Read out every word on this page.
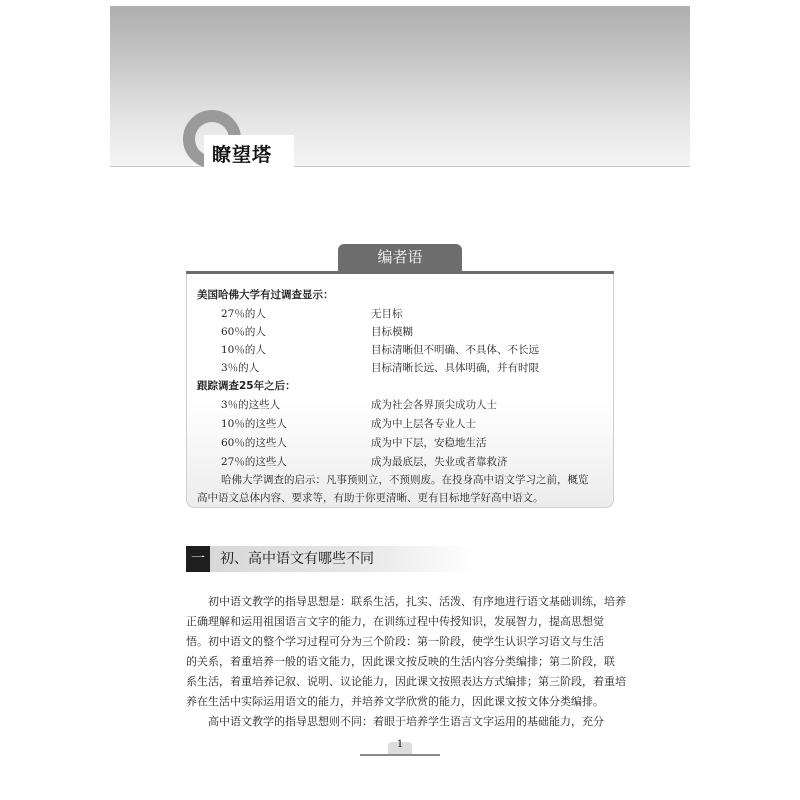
瞭望塔
编者语
美国哈佛大学有过调查显示：
27％的人	无目标
60％的人	目标模糊
10％的人	目标清晰但不明确、不具体、不长远
3％的人	目标清晰长远、具体明确，并有时限
跟踪调查25年之后：
3％的这些人	成为社会各界顶尖成功人士
10％的这些人	成为中上层各专业人士
60％的这些人	成为中下层，安稳地生活
27％的这些人	成为最底层，失业或者靠救济
哈佛大学调查的启示：凡事预则立，不预则废。在投身高中语文学习之前，概览
高中语文总体内容、要求等，有助于你更清晰、更有目标地学好高中语文。
一	初、高中语文有哪些不同
初中语文教学的指导思想是：联系生活，扎实、活泼、有序地进行语文基础训练，培养
正确理解和运用祖国语言文字的能力，在训练过程中传授知识，发展智力，提高思想觉
悟。初中语文的整个学习过程可分为三个阶段：第一阶段，使学生认识学习语文与生活
的关系，着重培养一般的语文能力，因此课文按反映的生活内容分类编排；第二阶段，联
系生活，着重培养记叙、说明、议论能力，因此课文按照表达方式编排；第三阶段，着重培
养在生活中实际运用语文的能力，并培养文学欣赏的能力，因此课文按文体分类编排。
高中语文教学的指导思想则不同：着眼于培养学生语言文字运用的基础能力，充分
1
